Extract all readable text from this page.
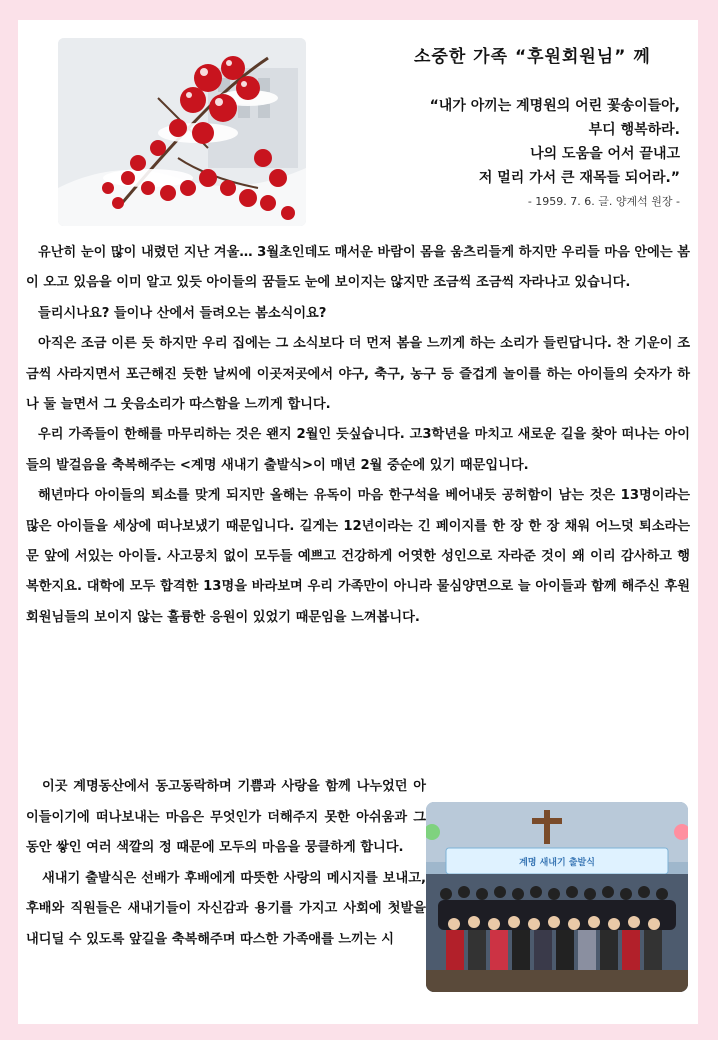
소중한 가족 “후원회원님” 께
“내가 아끼는 계명원의 어린 꽃송이들아,
부디 행복하라.
나의 도움을 어서 끝내고
저 멀리 가서 큰 재목들 되어라.”
- 1959. 7. 6. 글. 양계석 원장 -

유난히 눈이 많이 내렸던 지난 겨울… 3월초인데도 매서운 바람이 몸을 움츠리들게 하지만 우리들 마음 안에는 봄이 오고 있음을 이미 알고 있듯 아이들의 꿈들도 눈에 보이지는 않지만 조금씩 조금씩 자라나고 있습니다.

들리시나요? 들이나 산에서 들려오는 봄소식이요?

아직은 조금 이른 듯 하지만 우리 집에는 그 소식보다 더 먼저 봄을 느끼게 하는 소리가 들린답니다. 찬 기운이 조금씩 사라지면서 포근해진 듯한 날씨에 이곳저곳에서 야구, 축구, 농구 등 즐겁게 놀이를 하는 아이들의 숫자가 하나 둘 늘면서 그 웃음소리가 따스함을 느끼게 합니다.

우리 가족들이 한해를 마무리하는 것은 왠지 2월인 듯싶습니다. 고3학년을 마치고 새로운 길을 찾아 떠나는 아이들의 발걸음을 축복해주는 <계명 새내기 출발식>이 매년 2월 중순에 있기 때문입니다.

해년마다 아이들의 퇴소를 맞게 되지만 올해는 유독이 마음 한구석을 베어내듯 공허함이 남는 것은 13명이라는 많은 아이들을 세상에 떠나보냈기 때문입니다. 길게는 12년이라는 긴 페이지를 한 장 한 장 채워 어느덧 퇴소라는 문 앞에 서있는 아이들. 사고뭉치 없이 모두들 예쁘고 건강하게 어엿한 성인으로 자라준 것이 왜 이리 감사하고 행복한지요. 대학에 모두 합격한 13명을 바라보며 우리 가족만이 아니라 물심양면으로 늘 아이들과 함께 해주신 후원회원님들의 보이지 않는 훌륭한 응원이 있었기 때문임을 느껴봅니다.

이곳 계명동산에서 동고동락하며 기쁨과 사랑을 함께 나누었던 아이들이기에 떠나보내는 마음은 무엇인가 더해주지 못한 아쉬움과 그동안 쌓인 여러 색깔의 정 때문에 모두의 마음을 뭉클하게 합니다.

새내기 출발식은 선배가 후배에게 따뜻한 사랑의 메시지를 보내고, 후배와 직원들은 새내기들이 자신감과 용기를 가지고 사회에 첫발을 내디딜 수 있도록 앞길을 축복해주며 따스한 가족애를 느끼는 시

계명 새내기 출발식
